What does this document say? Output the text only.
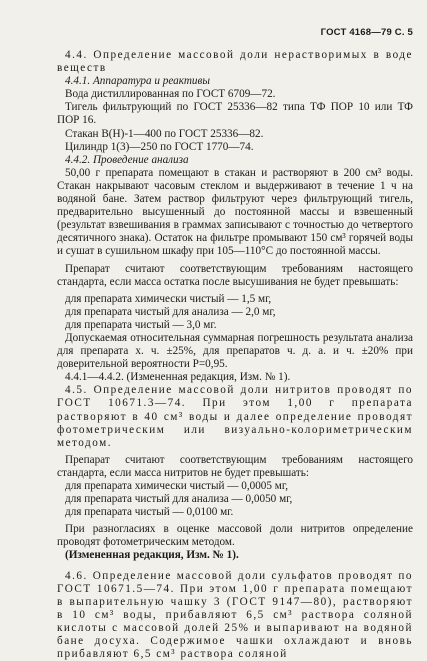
ГОСТ 4168—79 С. 5

4.4. Определение массовой доли нерастворимых в воде веществ

4.4.1. Аппаратура и реактивы

Вода дистиллированная по ГОСТ 6709—72.

Тигель фильтрующий по ГОСТ 25336—82 типа ТФ ПОР 10 или ТФ ПОР 16.

Стакан В(Н)-1—400 по ГОСТ 25336—82.

Цилиндр 1(3)—250 по ГОСТ 1770—74.

4.4.2. Проведение анализа

50,00 г препарата помещают в стакан и растворяют в 200 см³ воды. Стакан накрывают часовым стеклом и выдерживают в течение 1 ч на водяной бане. Затем раствор фильтруют через фильтрующий тигель, предварительно высушенный до постоянной массы и взвешенный (результат взвешивания в граммах записывают с точностью до четвертого десятичного знака). Остаток на фильтре промывают 150 см³ горячей воды и сушат в сушильном шкафу при 105—110°С до постоянной массы.

Препарат считают соответствующим требованиям настоящего стандарта, если масса остатка после высушивания не будет превышать:

для препарата химически чистый — 1,5 мг,

для препарата чистый для анализа — 2,0 мг,

для препарата чистый — 3,0 мг.

Допускаемая относительная суммарная погрешность результата анализа для препарата х. ч. ±25%, для препаратов ч. д. а. и ч. ±20% при доверительной вероятности P=0,95.

4.4.1—4.4.2. (Измененная редакция, Изм. № 1).

4.5. Определение массовой доли нитритов проводят по ГОСТ 10671.3—74. При этом 1,00 г препарата растворяют в 40 см³ воды и далее определение проводят фотометрическим или визуально-колориметрическим методом.

Препарат считают соответствующим требованиям настоящего стандарта, если масса нитритов не будет превышать:

для препарата химически чистый — 0,0005 мг,

для препарата чистый для анализа — 0,0050 мг,

для препарата чистый — 0,0100 мг.

При разногласиях в оценке массовой доли нитритов определение проводят фотометрическим методом.

(Измененная редакция, Изм. № 1).

4.6. Определение массовой доли сульфатов проводят по ГОСТ 10671.5—74. При этом 1,00 г препарата помещают в выпарительную чашку 3 (ГОСТ 9147—80), растворяют в 10 см³ воды, прибавляют 6,5 см³ раствора соляной кислоты с массовой долей 25% и выпаривают на водяной бане досуха. Содержимое чашки охлаждают и вновь прибавляют 6,5 см³ раствора соляной
